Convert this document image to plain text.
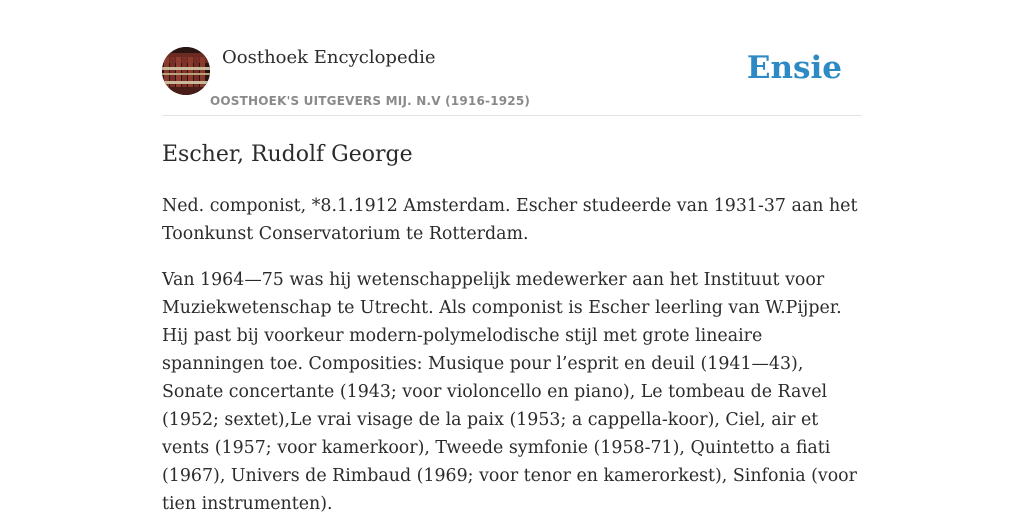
Oosthoek Encyclopedie
OOSTHOEK'S UITGEVERS MIJ. N.V (1916-1925)
Ensie
Escher, Rudolf George

Ned. componist, *8.1.1912 Amsterdam. Escher studeerde van 1931-37 aan het Toonkunst Conservatorium te Rotterdam.

Van 1964—75 was hij wetenschappelijk medewerker aan het Instituut voor Muziekwetenschap te Utrecht. Als componist is Escher leerling van W.Pijper. Hij past bij voorkeur modern-polymelodische stijl met grote lineaire spanningen toe. Composities: Musique pour l’esprit en deuil (1941—43), Sonate concertante (1943; voor violoncello en piano), Le tombeau de Ravel (1952; sextet),Le vrai visage de la paix (1953; a cappella-koor), Ciel, air et vents (1957; voor kamerkoor), Tweede symfonie (1958-71), Quintetto a fiati (1967), Univers de Rimbaud (1969; voor tenor en kamerorkest), Sinfonia (voor tien instrumenten).
